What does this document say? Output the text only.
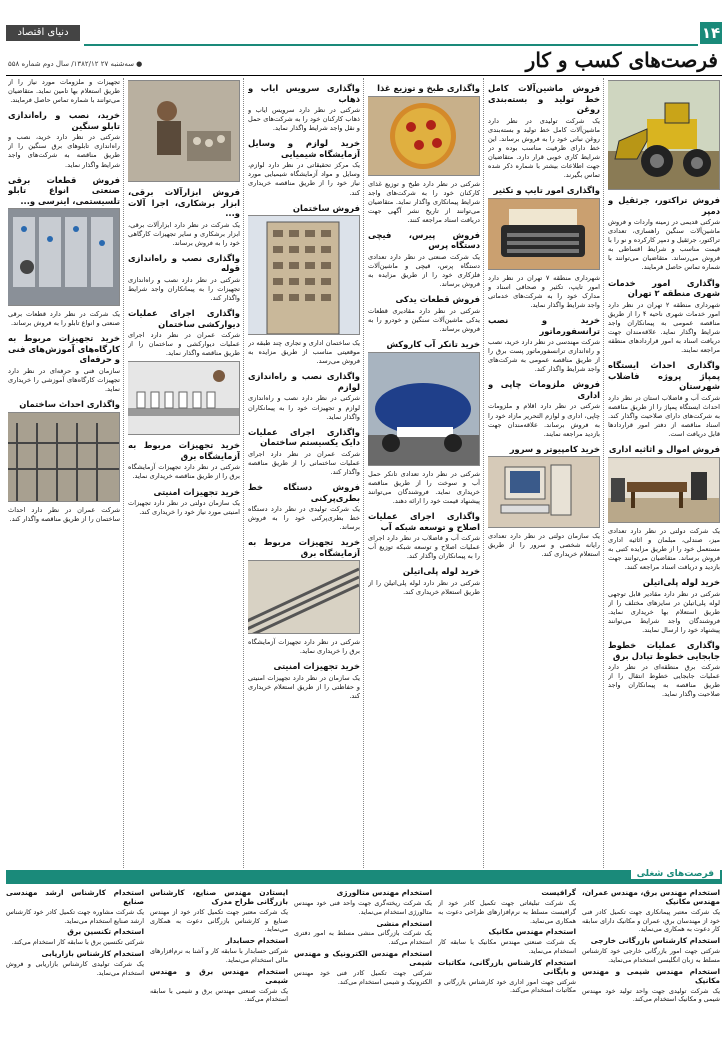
۱۴
دنیای اقتصاد
فرصت‌های کسب و کار
● سه‌شنبه ۲۷ ۱۳۸۲/۱۲/ سال دوم شماره ۵۵۸
فروش تراکتور، جرثقیل و دمپر

شرکتی قدیمی در زمینه واردات و فروش ماشین‌آلات سنگین راهسازی، تعدادی تراکتور، جرثقیل و دمپر کارکرده و نو را با قیمت مناسب و شرایط اقساطی به فروش می‌رساند. متقاضیان می‌توانند با شماره تماس حاصل فرمایند.

واگذاری امور خدمات شهری منطقه ۲ تهران

شهرداری منطقه ۲ تهران در نظر دارد امور خدمات شهری ناحیه ۴ را از طریق مناقصه عمومی به پیمانکاران واجد شرایط واگذار نماید. علاقه‌مندان جهت دریافت اسناد به امور قراردادهای منطقه مراجعه نمایند.

واگذاری احداث ایستگاه پمپاژ پروژه فاضلاب شهرستان

شرکت آب و فاضلاب استان در نظر دارد احداث ایستگاه پمپاژ را از طریق مناقصه به شرکت‌های دارای صلاحیت واگذار کند. اسناد مناقصه از دفتر امور قراردادها قابل دریافت است.

فروش اموال و اثاثیه اداری

یک شرکت دولتی در نظر دارد تعدادی میز، صندلی، مبلمان و اثاثیه اداری مستعمل خود را از طریق مزایده کتبی به فروش برساند. متقاضیان می‌توانند جهت بازدید و دریافت اسناد مراجعه کنند.

خرید لوله پلی‌اتیلن

شرکتی در نظر دارد مقادیر قابل توجهی لوله پلی‌اتیلن در سایزهای مختلف را از طریق استعلام بها خریداری نماید. فروشندگان واجد شرایط می‌توانند پیشنهاد خود را ارسال نمایند.

واگذاری عملیات خطوط جابجایی خطوط تبادل برق

شرکت برق منطقه‌ای در نظر دارد عملیات جابجایی خطوط انتقال را از طریق مناقصه به پیمانکاران واجد صلاحیت واگذار نماید.

فروش ماشین‌آلات کامل خط تولید و بسته‌بندی روغن

یک شرکت تولیدی در نظر دارد ماشین‌آلات کامل خط تولید و بسته‌بندی روغن نباتی خود را به فروش برساند. این خط دارای ظرفیت مناسب بوده و در شرایط کاری خوبی قرار دارد. متقاضیان جهت اطلاعات بیشتر با شماره ذکر شده تماس بگیرند.

واگذاری امور تایپ و تکثیر

شهرداری منطقه ۷ تهران در نظر دارد امور تایپ، تکثیر و صحافی اسناد و مدارک خود را به شرکت‌های خدماتی واجد شرایط واگذار نماید.

خرید و نصب ترانسفورماتور

شرکت مهندسی در نظر دارد خرید، نصب و راه‌اندازی ترانسفورماتور پست برق را از طریق مناقصه عمومی به شرکت‌های واجد شرایط واگذار کند.

فروش ملزومات چاپی و اداری

شرکتی در نظر دارد اقلام و ملزومات چاپی، اداری و لوازم التحریر مازاد خود را به فروش برساند. علاقه‌مندان جهت بازدید مراجعه نمایند.

خرید کامپیوتر و سرور

یک سازمان دولتی در نظر دارد تعدادی رایانه شخصی و سرور را از طریق استعلام خریداری کند.

واگذاری طبخ و توزیع غذا

شرکتی در نظر دارد طبخ و توزیع غذای کارکنان خود را به شرکت‌های واجد شرایط پیمانکاری واگذار نماید. متقاضیان می‌توانند از تاریخ نشر آگهی جهت دریافت اسناد مراجعه کنند.

فروش پیرس، فیچی دستگاه پرس

یک شرکت صنعتی در نظر دارد تعدادی دستگاه پرس، قیچی و ماشین‌آلات فلزکاری خود را از طریق مزایده به فروش برساند.

فروش قطعات یدکی

شرکتی در نظر دارد مقادیری قطعات یدکی ماشین‌آلات سنگین و خودرو را به فروش برساند.

خرید تانکر آب کاروکش

شرکتی در نظر دارد تعدادی تانکر حمل آب و سوخت را از طریق مناقصه خریداری نماید. فروشندگان می‌توانند پیشنهاد قیمت خود را ارائه دهند.

واگذاری اجرای عملیات اصلاح و توسعه شبکه آب

شرکت آب و فاضلاب در نظر دارد اجرای عملیات اصلاح و توسعه شبکه توزیع آب را به پیمانکاران واگذار کند.

خرید لوله پلی‌اتیلن

شرکتی در نظر دارد لوله پلی‌اتیلن را از طریق استعلام خریداری کند.

واگذاری سرویس ایاب و ذهاب

شرکتی در نظر دارد سرویس ایاب و ذهاب کارکنان خود را به شرکت‌های حمل و نقل واجد شرایط واگذار نماید.

خرید لوازم و وسایل آزمایشگاه شیمیایی

یک مرکز تحقیقاتی در نظر دارد لوازم، وسایل و مواد آزمایشگاه شیمیایی مورد نیاز خود را از طریق مناقصه خریداری کند.

فروش ساختمان

یک ساختمان اداری و تجاری چند طبقه در موقعیتی مناسب از طریق مزایده به فروش می‌رسد.

واگذاری نصب و راه‌اندازی لوازم

شرکتی در نظر دارد نصب و راه‌اندازی لوازم و تجهیزات خود را به پیمانکاران واگذار نماید.

واگذاری اجرای عملیات دایک یکسیستم ساختمان

شرکت عمران در نظر دارد اجرای عملیات ساختمانی را از طریق مناقصه واگذار کند.

فروش دستگاه خط بطری‌پرکنی

یک شرکت تولیدی در نظر دارد دستگاه خط بطری‌پرکنی خود را به فروش برساند.

خرید تجهیزات مربوط به آزمایشگاه برق

شرکتی در نظر دارد تجهیزات آزمایشگاه برق را خریداری نماید.

خرید تجهیزات امنیتی

یک سازمان در نظر دارد تجهیزات امنیتی و حفاظتی را از طریق استعلام خریداری کند.

فروش ابزارآلات برقی، ابزار برشکاری، اجرا آلات و...

یک شرکت در نظر دارد ابزارآلات برقی، ابزار برشکاری و سایر تجهیزات کارگاهی خود را به فروش برساند.

واگذاری نصب و راه‌اندازی قوله

شرکتی در نظر دارد نصب و راه‌اندازی تجهیزات را به پیمانکاران واجد شرایط واگذار کند.

واگذاری اجرای عملیات دیوارکشی ساختمان

شرکت عمران در نظر دارد اجرای عملیات دیوارکشی و ساختمان را از طریق مناقصه واگذار نماید.

خرید تجهیزات مربوط به آزمایشگاه برق

شرکتی در نظر دارد تجهیزات آزمایشگاه برق را از طریق مناقصه خریداری نماید.

خرید تجهیزات امنیتی

یک سازمان دولتی در نظر دارد تجهیزات امنیتی مورد نیاز خود را خریداری کند.

تجهیزات و ملزومات مورد نیاز را از طریق استعلام بها تامین نماید. متقاضیان می‌توانند با شماره تماس حاصل فرمایند.

خرید، نصب و راه‌اندازی تابلو سنگین

شرکتی در نظر دارد خرید، نصب و راه‌اندازی تابلوهای برق سنگین را از طریق مناقصه به شرکت‌های واجد شرایط واگذار نماید.

فروش قطعات برقی صنعتی انواع تابلو تلسیستمی، اینرسی و...

یک شرکت در نظر دارد قطعات برقی صنعتی و انواع تابلو را به فروش برساند.

خرید تجهیزات مربوط به کارگاه‌های آموزش‌های فنی و حرفه‌ای

سازمان فنی و حرفه‌ای در نظر دارد تجهیزات کارگاه‌های آموزشی را خریداری نماید.

واگذاری احداث ساختمان

شرکت عمران در نظر دارد احداث ساختمان را از طریق مناقصه واگذار کند.

فرصت‌های شغلی
استخدام مهندس برق، مهندس عمران، مهندس مکانیک

یک شرکت معتبر پیمانکاری جهت تکمیل کادر فنی خود از مهندسان برق، عمران و مکانیک دارای سابقه کار دعوت به همکاری می‌نماید.

استخدام کارشناس بازرگانی خارجی

شرکتی جهت امور بازرگانی خارجی خود کارشناس مسلط به زبان انگلیسی استخدام می‌نماید.

استخدام مهندس شیمی و مهندس مکانیک

یک شرکت تولیدی جهت واحد تولید خود مهندس شیمی و مکانیک استخدام می‌کند.

گرافیست

یک شرکت تبلیغاتی جهت تکمیل کادر خود از گرافیست مسلط به نرم‌افزارهای طراحی دعوت به همکاری می‌نماید.

استخدام مهندس مکانیک

یک شرکت صنعتی مهندس مکانیک با سابقه کار استخدام می‌نماید.

استخدام کارشناس بازرگانی، مکاتبات و بایگانی

شرکتی جهت امور اداری خود کارشناس بازرگانی و مکاتبات استخدام می‌کند.

استخدام مهندس متالورژی

یک شرکت ریخته‌گری جهت واحد فنی خود مهندس متالورژی استخدام می‌نماید.

استخدام منشی

یک شرکت بازرگانی منشی مسلط به امور دفتری استخدام می‌کند.

استخدام مهندس الکترونیک و مهندس شیمی

شرکتی جهت تکمیل کادر فنی خود مهندس الکترونیک و شیمی استخدام می‌کند.

ایستادن مهندس صنایع، کارشناس بازرگانی طراح مدرک

یک شرکت معتبر جهت تکمیل کادر خود از مهندس صنایع و کارشناس بازرگانی دعوت به همکاری می‌نماید.

استخدام حسابدار

شرکتی حسابدار با سابقه کار و آشنا به نرم‌افزارهای مالی استخدام می‌نماید.

استخدام مهندس برق و مهندس شیمی

یک شرکت صنعتی مهندس برق و شیمی با سابقه استخدام می‌کند.

استخدام کارشناس ارشد مهندسی صنایع

یک شرکت مشاوره جهت تکمیل کادر خود کارشناس ارشد صنایع استخدام می‌نماید.

استخدام تکنسین برق

شرکتی تکنسین برق با سابقه کار استخدام می‌کند.

استخدام کارشناس بازاریابی

یک شرکت تولیدی کارشناس بازاریابی و فروش استخدام می‌نماید.
